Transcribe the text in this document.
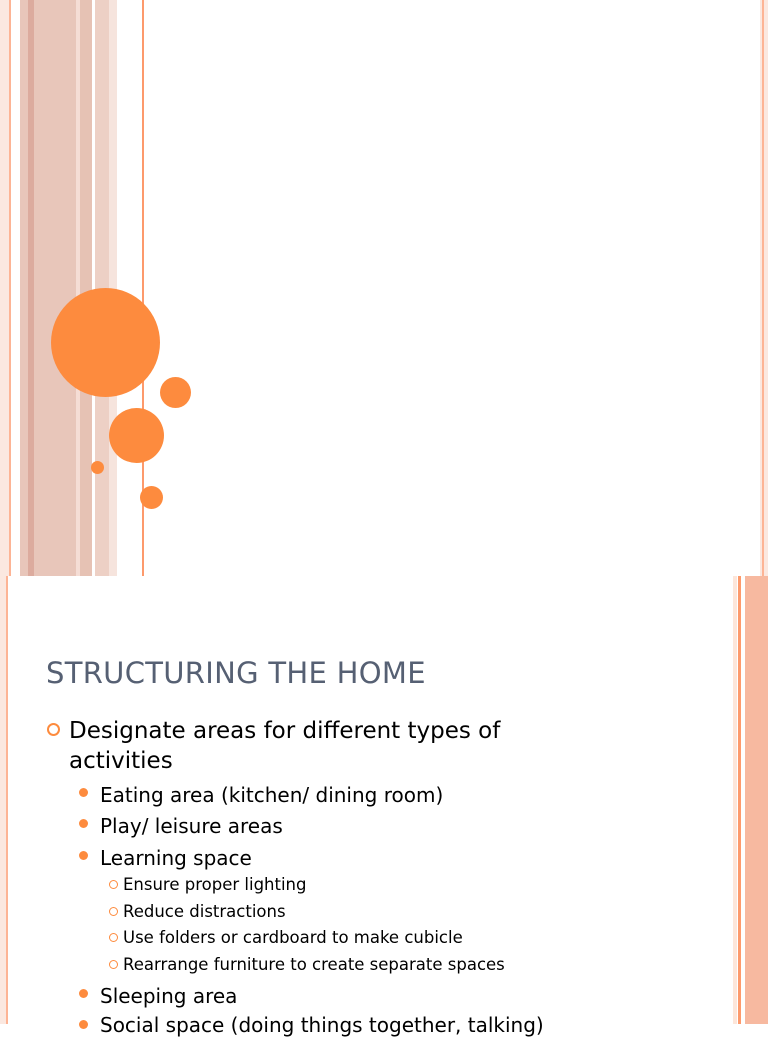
STRUCTURING THE HOME
Designate areas for different types of
activities
Eating area (kitchen/ dining room)
Play/ leisure areas
Learning space
Ensure proper lighting
Reduce distractions
Use folders or cardboard to make cubicle
Rearrange furniture to create separate spaces
Sleeping area
Social space (doing things together, talking)
